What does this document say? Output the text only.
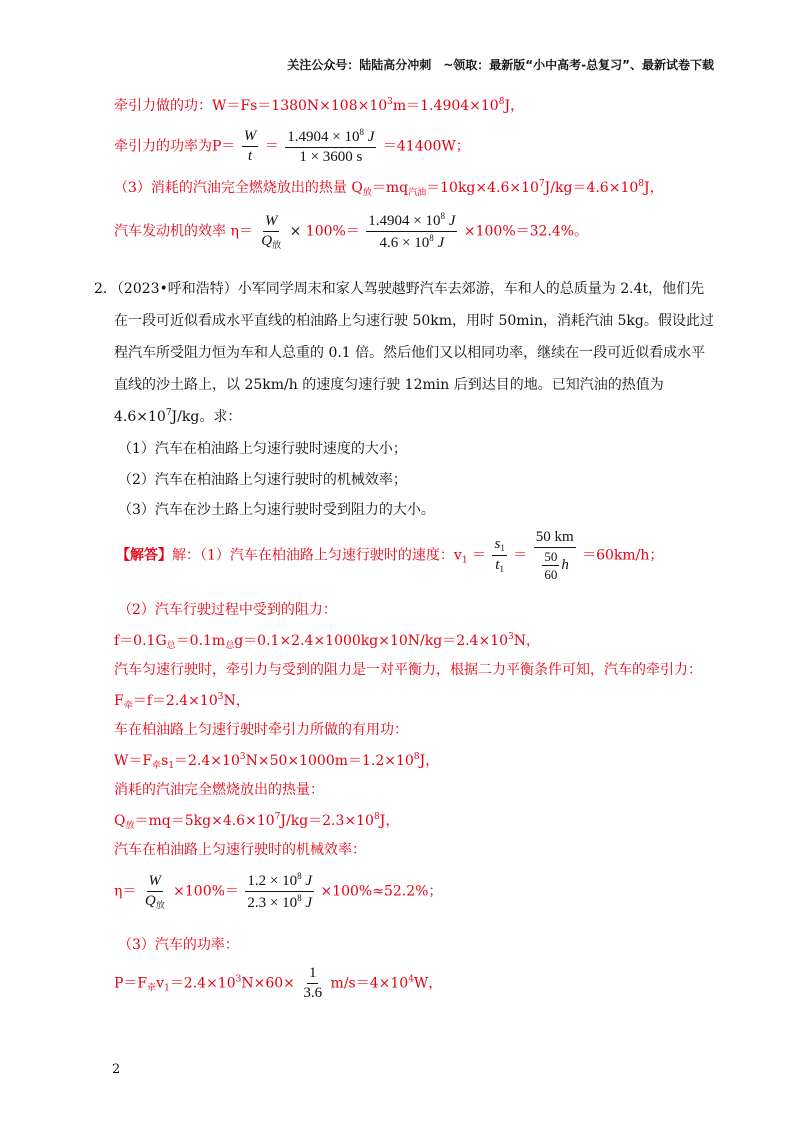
关注公众号：陆陆高分冲刺　~领取：最新版“小中高考-总复习”、最新试卷下载
牵引力做的功：$W=Fs=1380N\times 108\times 10^3m=1.4904\times 10^8J$，
牵引力的功率为$P= \frac{W}{t} = \frac{1.4904 \times 10^8 J}{1 \times 3600 s} =41400W$；
（3）消耗的汽油完全燃烧放出的热量 $Q_放=mq_{汽油}=10kg\times 4.6\times 10^7J/kg=4.6\times 10^8J$，
汽车发动机的效率 $\eta= \frac{W}{Q_放} \times 100\%= \frac{1.4904 \times 10^8 J}{4.6 \times 10^8 J} \times 100\%=32.4\%$。
2．（2023•呼和浩特）小军同学周末和家人驾驶越野汽车去郊游，车和人的总质量为 2.4t，他们先
在一段可近似看成水平直线的柏油路上匀速行驶 50km，用时 50min，消耗汽油 5kg。假设此过
程汽车所受阻力恒为车和人总重的 0.1 倍。然后他们又以相同功率，继续在一段可近似看成水平
直线的沙土路上，以 25km/h 的速度匀速行驶 12min 后到达目的地。已知汽油的热值为
$4.6\times 10^7J/kg$。求：
（1）汽车在柏油路上匀速行驶时速度的大小；
（2）汽车在柏油路上匀速行驶时的机械效率；
（3）汽车在沙土路上匀速行驶时受到阻力的大小。
【解答】解：（1）汽车在柏油路上匀速行驶时的速度：$v_1 = \frac{s_1}{t_1} = \frac{50 km}{\frac{50}{60} h} =60km/h$；
（2）汽车行驶过程中受到的阻力：
$f=0.1G_总=0.1m_总g=0.1\times 2.4\times 1000kg\times 10N/kg=2.4\times 10^3N$，
汽车匀速行驶时，牵引力与受到的阻力是一对平衡力，根据二力平衡条件可知，汽车的牵引力：
$F_牵=f=2.4\times 10^3N$，
车在柏油路上匀速行驶时牵引力所做的有用功：
$W=F_牵s_1=2.4\times 10^3N\times 50\times 1000m=1.2\times 10^8J$，
消耗的汽油完全燃烧放出的热量：
$Q_放=mq=5kg\times 4.6\times 10^7J/kg=2.3\times 10^8J$，
汽车在柏油路上匀速行驶时的机械效率：
$\eta= \frac{W}{Q_放} \times 100\%= \frac{1.2 \times 10^8 J}{2.3 \times 10^8 J} \times 100\%\approx 52.2\%$；
（3）汽车的功率：
$P=F_牵v_1=2.4\times 10^3N\times 60\times \frac{1}{3.6} m/s=4\times 10^4W$，
2
